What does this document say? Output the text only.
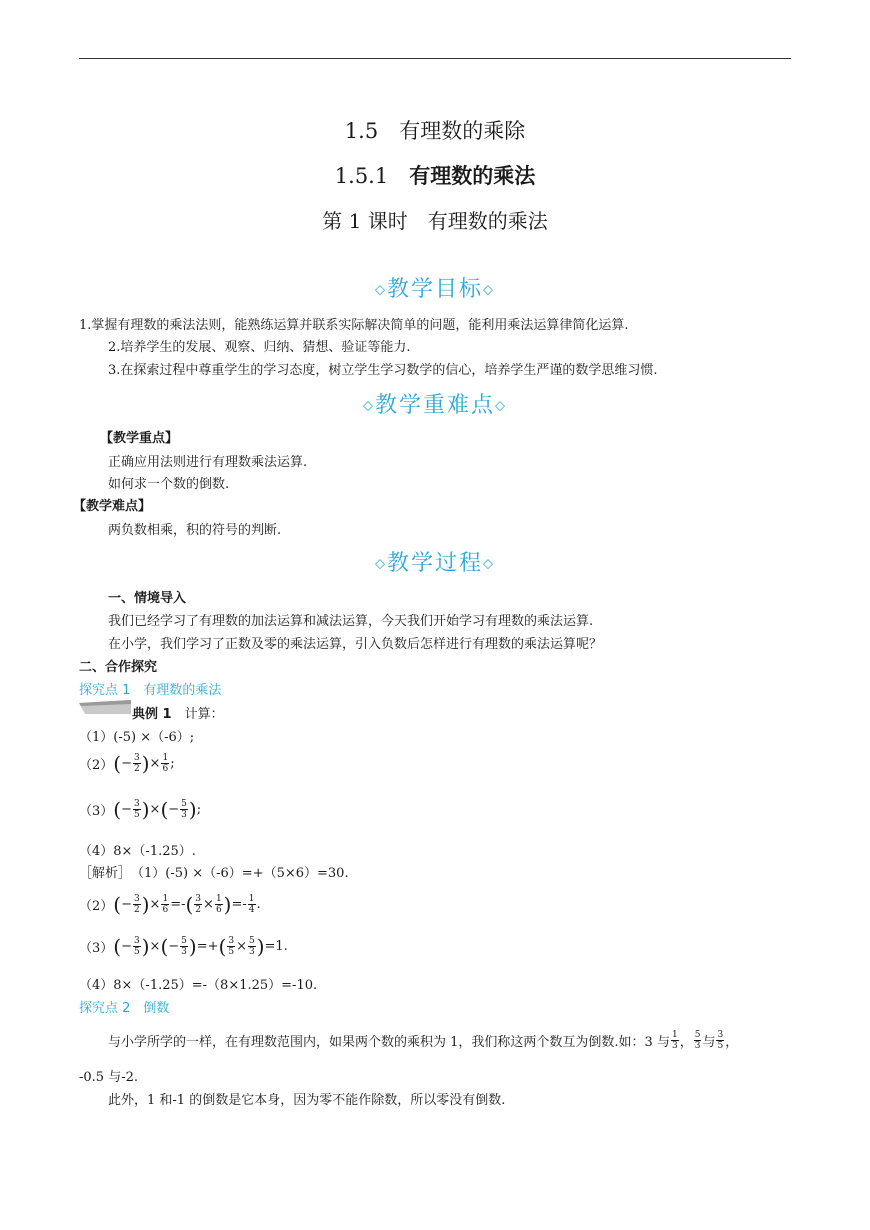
1.5　有理数的乘除
1.5.1　 有理数的乘法
第 1 课时　有理数的乘法
◇教学目标◇
1.掌握有理数的乘法法则，能熟练运算并联系实际解决简单的问题，能利用乘法运算律简化运算.
2.培养学生的发展、观察、归纳、猜想、验证等能力.
3.在探索过程中尊重学生的学习态度，树立学生学习数学的信心，培养学生严谨的数学思维习惯.
◇教学重难点◇
【教学重点】
正确应用法则进行有理数乘法运算.
如何求一个数的倒数.
【教学难点】
两负数相乘，积的符号的判断.
◇教学过程◇
一、情境导入
我们已经学习了有理数的加法运算和减法运算，今天我们开始学习有理数的乘法运算.
在小学，我们学习了正数及零的乘法运算，引入负数后怎样进行有理数的乘法运算呢？
二、合作探究
探究点 1　有理数的乘法
典例 1　 计算：
（1）(-5) ×（-6）;
$(2)(- \frac{3}{2}$ )× $\frac{1}{6}$ ;
$(3)(- \frac{3}{5}$ )×(− $\frac{5}{3}$ );
（4）8×（-1.25）.
［解析］　 （1）(-5) ×（-6）=+（5×6）=30.
$(2)(- \frac{3}{2}$ )× $\frac{1}{6}$ =-( $\frac{3}{2} \times \frac{1}{6}$ )=- $\frac{1}{4}$ .
$(3)(- \frac{3}{5}$ )×(− $\frac{5}{3}$ )=+( $\frac{3}{5} \times \frac{5}{3} )=1$.
（4）8×（-1.25）=-（8×1.25）=-10.
探究点 2　倒数
与小学所学的一样，在有理数范围内，如果两个数的乘积为 1，我们称这两个数互为倒数.如：3 与 $\frac{1}{3}$ ， $\frac{5}{3}$ 与 $\frac{3}{5}$ ，
-0.5 与-2.
此外，1 和-1 的倒数是它本身，因为零不能作除数，所以零没有倒数.
